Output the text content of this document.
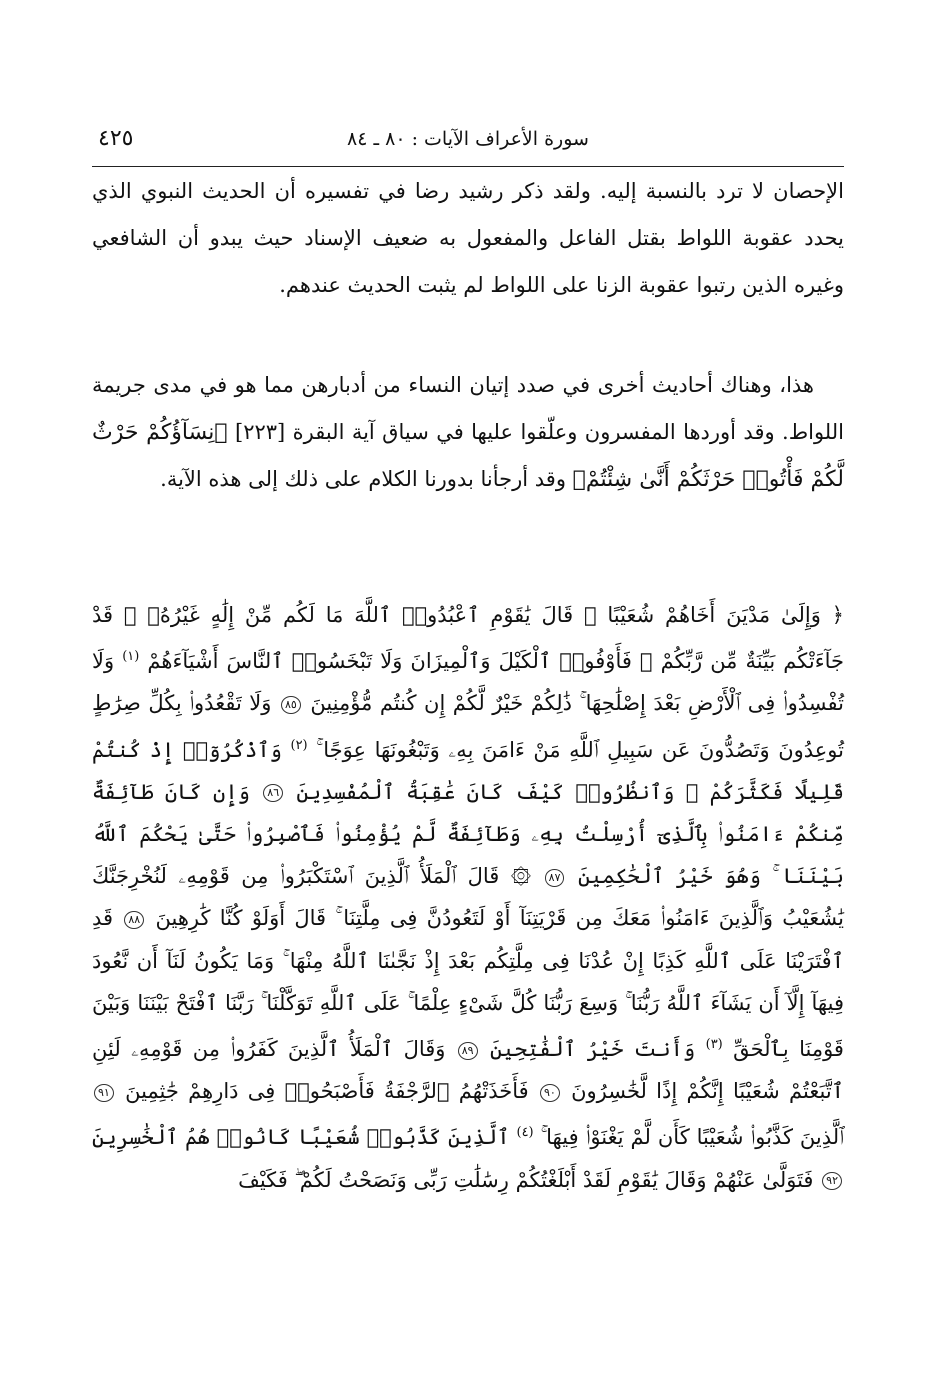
٤٢٥	سورة الأعراف الآيات : ٨٠ ـ ٨٤

الإحصان لا ترد بالنسبة إليه. ولقد ذكر رشيد رضا في تفسيره أن الحديث النبوي الذي يحدد عقوبة اللواط بقتل الفاعل والمفعول به ضعيف الإسناد حيث يبدو أن الشافعي وغيره الذين رتبوا عقوبة الزنا على اللواط لم يثبت الحديث عندهم.

هذا، وهناك أحاديث أخرى في صدد إتيان النساء من أدبارهن مما هو في مدى جريمة اللواط. وقد أوردها المفسرون وعلّقوا عليها في سياق آية البقرة [٢٢٣] ﴿نِسَآؤُكُمْ حَرْثٌ لَّكُمْ فَأْتُوا۟ حَرْثَكُمْ أَنَّىٰ شِئْتُمْ﴾ وقد أرجأنا بدورنا الكلام على ذلك إلى هذه الآية.

﴿ وَإِلَىٰ مَدْيَنَ أَخَاهُمْ شُعَيْبًا ۗ قَالَ يَٰقَوْمِ ٱعْبُدُوا۟ ٱللَّهَ مَا لَكُم مِّنْ إِلَٰهٍ غَيْرُهُۥ ۖ قَدْ جَآءَتْكُم بَيِّنَةٌ مِّن رَّبِّكُمْ ۖ فَأَوْفُوا۟ ٱلْكَيْلَ وَٱلْمِيزَانَ وَلَا تَبْخَسُوا۟ ٱلنَّاسَ أَشْيَآءَهُمْ $^{(١)}$ وَلَا تُفْسِدُوا۟ فِى ٱلْأَرْضِ بَعْدَ إِصْلَٰحِهَا ۚ ذَٰلِكُمْ خَيْرٌ لَّكُمْ إِن كُنتُم مُّؤْمِنِينَ ٨٥ وَلَا تَقْعُدُوا۟ بِكُلِّ صِرَٰطٍ تُوعِدُونَ وَتَصُدُّونَ عَن سَبِيلِ ٱللَّهِ مَنْ ءَامَنَ بِهِۦ وَتَبْغُونَهَا عِوَجًا ۚ $^{(٢)}$ وَٱذْكُرُوٓا۟ إِذْ كُنتُمْ قَلِيلًا فَكَثَّرَكُمْ ۖ وَٱنظُرُوا۟ كَيْفَ كَانَ عَٰقِبَةُ ٱلْمُفْسِدِينَ ٨٦ وَإِن كَانَ طَآئِفَةٌ مِّنكُمْ ءَامَنُوا۟ بِٱلَّذِىٓ أُرْسِلْتُ بِهِۦ وَطَآئِفَةٌ لَّمْ يُؤْمِنُوا۟ فَٱصْبِرُوا۟ حَتَّىٰ يَحْكُمَ ٱللَّهُ بَيْنَنَا ۚ وَهُوَ خَيْرُ ٱلْحَٰكِمِينَ ٨٧ ۞ قَالَ ٱلْمَلَأُ ٱلَّذِينَ ٱسْتَكْبَرُوا۟ مِن قَوْمِهِۦ لَنُخْرِجَنَّكَ يَٰشُعَيْبُ وَٱلَّذِينَ ءَامَنُوا۟ مَعَكَ مِن قَرْيَتِنَآ أَوْ لَتَعُودُنَّ فِى مِلَّتِنَا ۚ قَالَ أَوَلَوْ كُنَّا كَٰرِهِينَ ٨٨ قَدِ ٱفْتَرَيْنَا عَلَى ٱللَّهِ كَذِبًا إِنْ عُدْنَا فِى مِلَّتِكُم بَعْدَ إِذْ نَجَّىٰنَا ٱللَّهُ مِنْهَا ۚ وَمَا يَكُونُ لَنَآ أَن نَّعُودَ فِيهَآ إِلَّآ أَن يَشَآءَ ٱللَّهُ رَبُّنَا ۚ وَسِعَ رَبُّنَا كُلَّ شَىْءٍ عِلْمًا ۚ عَلَى ٱللَّهِ تَوَكَّلْنَا ۚ رَبَّنَا ٱفْتَحْ بَيْنَنَا وَبَيْنَ قَوْمِنَا بِٱلْحَقِّ $^{(٣)}$ وَأَنتَ خَيْرُ ٱلْفَٰتِحِينَ ٨٩ وَقَالَ ٱلْمَلَأُ ٱلَّذِينَ كَفَرُوا۟ مِن قَوْمِهِۦ لَئِنِ ٱتَّبَعْتُمْ شُعَيْبًا إِنَّكُمْ إِذًا لَّخَٰسِرُونَ ٩٠ فَأَخَذَتْهُمُ ٱلرَّجْفَةُ فَأَصْبَحُوا۟ فِى دَارِهِمْ جَٰثِمِينَ ٩١ ٱلَّذِينَ كَذَّبُوا۟ شُعَيْبًا كَأَن لَّمْ يَغْنَوْا۟ فِيهَا ۚ $^{(٤)}$ ٱلَّذِينَ كَذَّبُوا۟ شُعَيْبًا كَانُوا۟ هُمُ ٱلْخَٰسِرِينَ ٩٢ فَتَوَلَّىٰ عَنْهُمْ وَقَالَ يَٰقَوْمِ لَقَدْ أَبْلَغْتُكُمْ رِسَٰلَٰتِ رَبِّى وَنَصَحْتُ لَكُمْ ۖ فَكَيْفَ
